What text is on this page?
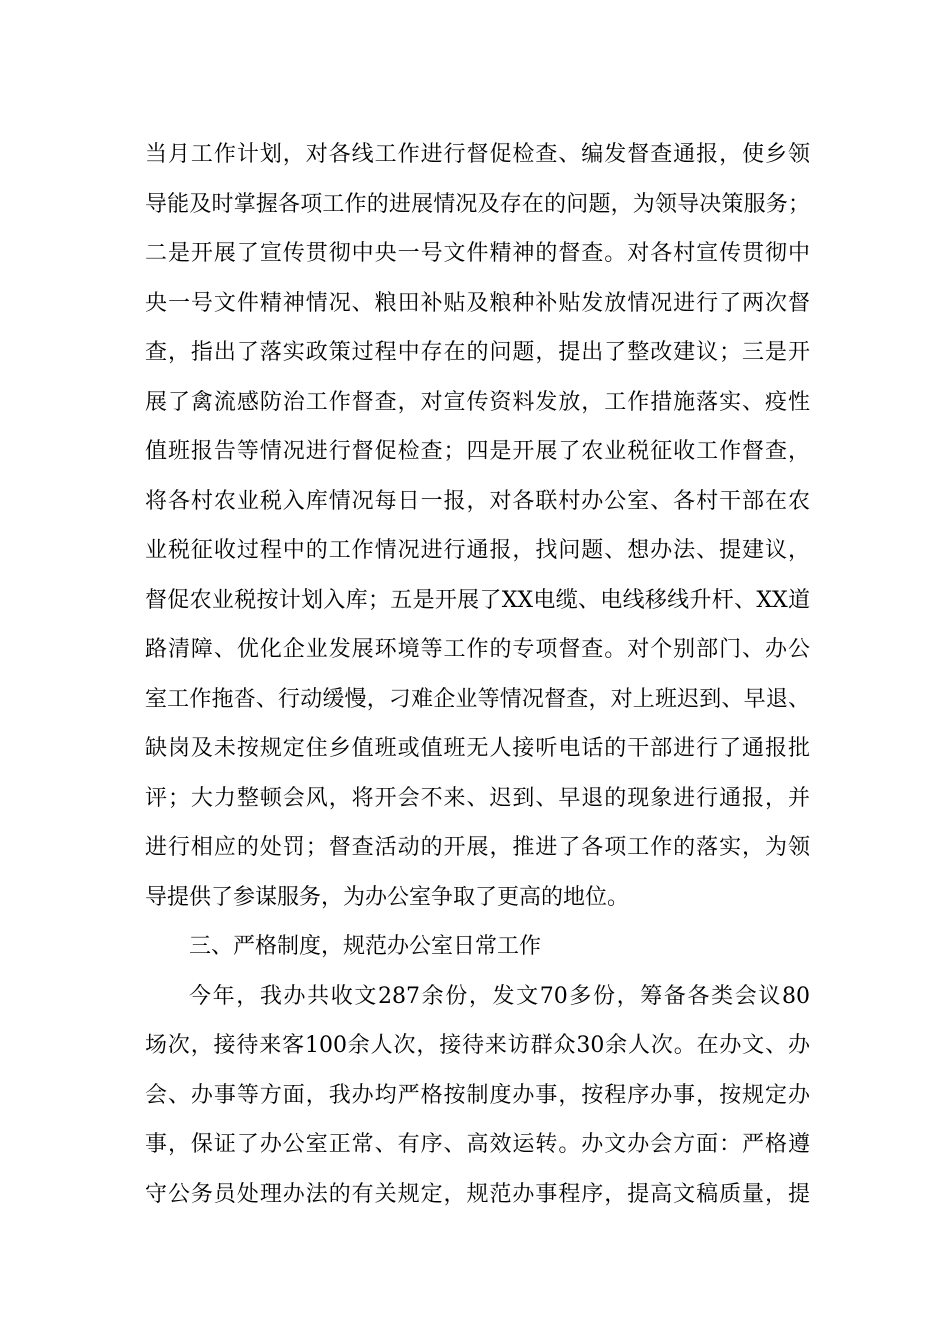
当月工作计划，对各线工作进行督促检查、编发督查通报，使乡领
导能及时掌握各项工作的进展情况及存在的问题，为领导决策服务；
二是开展了宣传贯彻中央一号文件精神的督查。对各村宣传贯彻中
央一号文件精神情况、粮田补贴及粮种补贴发放情况进行了两次督
查，指出了落实政策过程中存在的问题，提出了整改建议；三是开
展了禽流感防治工作督查，对宣传资料发放，工作措施落实、疫性
值班报告等情况进行督促检查；四是开展了农业税征收工作督查，
将各村农业税入库情况每日一报，对各联村办公室、各村干部在农
业税征收过程中的工作情况进行通报，找问题、想办法、提建议，
督促农业税按计划入库；五是开展了XX电缆、电线移线升杆、XX道
路清障、优化企业发展环境等工作的专项督查。对个别部门、办公
室工作拖沓、行动缓慢，刁难企业等情况督查，对上班迟到、早退、
缺岗及未按规定住乡值班或值班无人接听电话的干部进行了通报批
评；大力整顿会风，将开会不来、迟到、早退的现象进行通报，并
进行相应的处罚；督查活动的开展，推进了各项工作的落实，为领
导提供了参谋服务，为办公室争取了更高的地位。
三、严格制度，规范办公室日常工作
今年，我办共收文287余份，发文70多份，筹备各类会议80
场次，接待来客100余人次，接待来访群众30余人次。在办文、办
会、办事等方面，我办均严格按制度办事，按程序办事，按规定办
事，保证了办公室正常、有序、高效运转。办文办会方面：严格遵
守公务员处理办法的有关规定，规范办事程序，提高文稿质量，提
